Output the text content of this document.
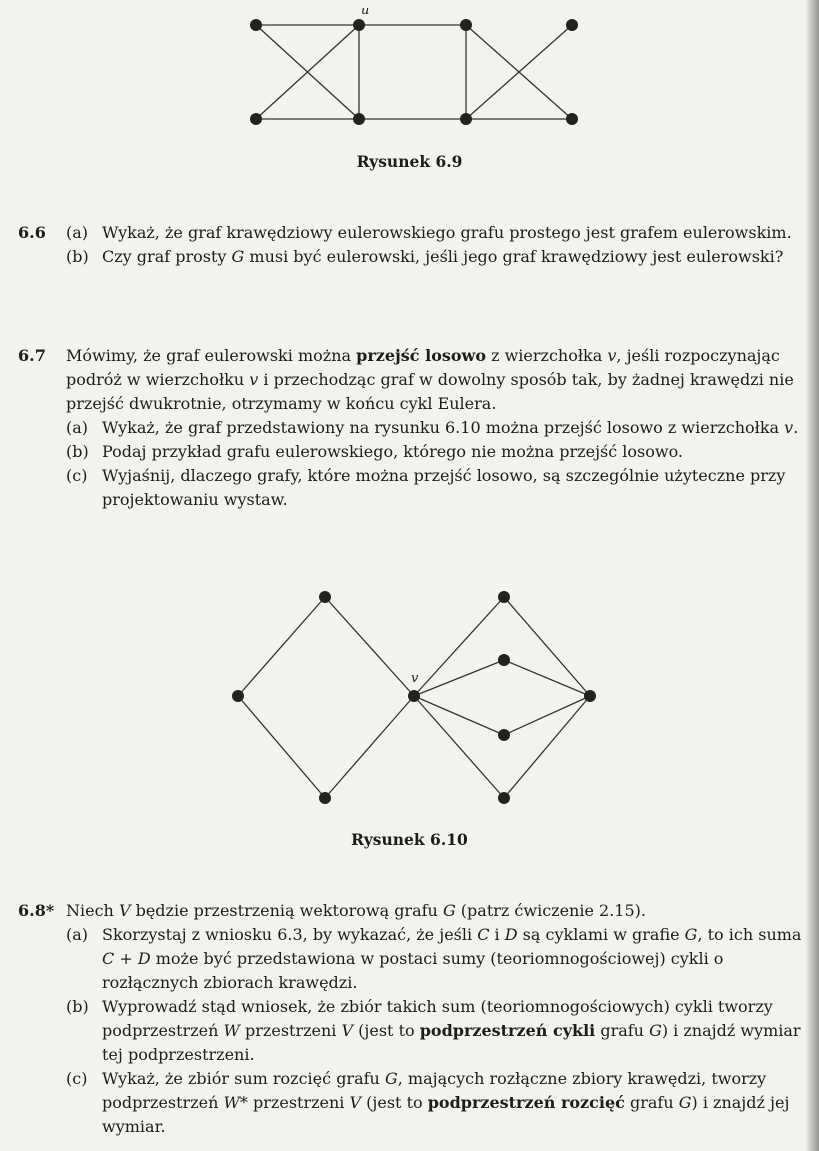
u
Rysunek 6.9
6.6 (a) Wykaż, że graf krawędziowy eulerowskiego grafu prostego jest grafem eulerowskim.
(b) Czy graf prosty G musi być eulerowski, jeśli jego graf krawędziowy jest eulerowski?
6.7 Mówimy, że graf eulerowski można przejść losowo z wierzchołka v, jeśli rozpoczynając podróż w wierzchołku v i przechodząc graf w dowolny sposób tak, by żadnej krawędzi nie przejść dwukrotnie, otrzymamy w końcu cykl Eulera.
(a) Wykaż, że graf przedstawiony na rysunku 6.10 można przejść losowo z wierzchołka v.
(b) Podaj przykład grafu eulerowskiego, którego nie można przejść losowo.
(c) Wyjaśnij, dlaczego grafy, które można przejść losowo, są szczególnie użyteczne przy projektowaniu wystaw.
v
Rysunek 6.10
6.8* Niech V będzie przestrzenią wektorową grafu G (patrz ćwiczenie 2.15).
(a) Skorzystaj z wniosku 6.3, by wykazać, że jeśli C i D są cyklami w grafie G, to ich suma C + D może być przedstawiona w postaci sumy (teoriomnogościowej) cykli o rozłącznych zbiorach krawędzi.
(b) Wyprowadź stąd wniosek, że zbiór takich sum (teoriomnogościowych) cykli tworzy podprzestrzeń W przestrzeni V (jest to podprzestrzeń cykli grafu G) i znajdź wymiar tej podprzestrzeni.
(c) Wykaż, że zbiór sum rozcięć grafu G, mających rozłączne zbiory krawędzi, tworzy podprzestrzeń W* przestrzeni V (jest to podprzestrzeń rozcięć grafu G) i znajdź jej wymiar.
